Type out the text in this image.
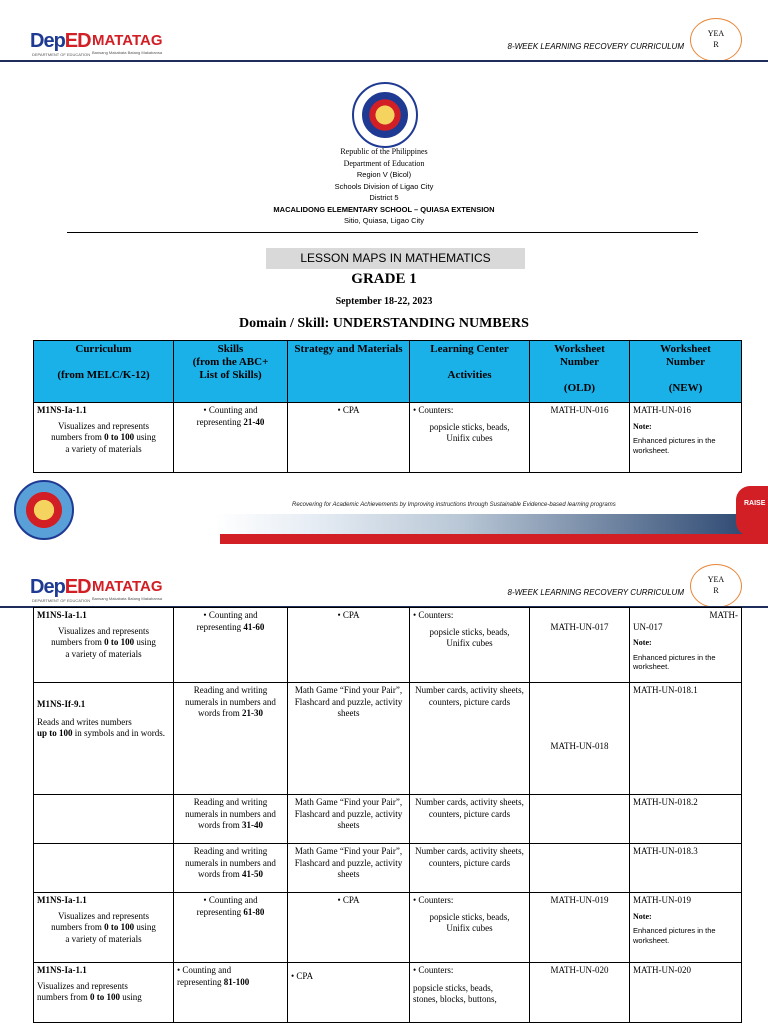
DepED
DEPARTMENT OF EDUCATION
MATATAG
Bansang Makabata Batang Makabansa
8-WEEK LEARNING RECOVERY CURRICULUM
YEA
R
Republic of the Philippines
Department of Education
Region V (Bicol)
Schools Division of Ligao City
District 5
MACALIDONG ELEMENTARY SCHOOL – QUIASA EXTENSION
Sitio, Quiasa, Ligao City
LESSON MAPS IN MATHEMATICS
GRADE 1
September 18-22, 2023
Domain / Skill: UNDERSTANDING NUMBERS
Curriculum

(from MELC/K-12)	Skills
(from the ABC+
List of Skills)	Strategy and Materials	Learning Center

Activities	Worksheet
Number

(OLD)	Worksheet
Number

(NEW)

M1NS-Ia-1.1
Visualizes and represents
numbers from 0 to 100 using
a variety of materials	• Counting and
representing 21-40	• CPA	• Counters:
popsicle sticks, beads,
Unifix cubes	MATH-UN-016	MATH-UN-016
Note:
Enhanced pictures in the worksheet.
Recovering for Academic Achievements by Improving instructions through Sustainable Evidence-based learning programs	RAISE
DepED
DEPARTMENT OF EDUCATION
MATATAG
Bansang Makabata Batang Makabansa
8-WEEK LEARNING RECOVERY CURRICULUM
YEA
R
M1NS-Ia-1.1
Visualizes and represents
numbers from 0 to 100 using
a variety of materials	• Counting and
representing 41-60	• CPA	• Counters:
popsicle sticks, beads,
Unifix cubes	MATH-UN-017	MATH-
UN-017
Note:
Enhanced pictures in the worksheet.

M1NS-If-9.1
Reads and writes numbers
up to 100 in symbols and in words.	Reading and writing numerals in numbers and words from 21-30	Math Game “Find your Pair”, Flashcard and puzzle, activity sheets	Number cards, activity sheets, counters, picture cards	MATH-UN-018	MATH-UN-018.1
	Reading and writing numerals in numbers and words from 31-40	Math Game “Find your Pair”, Flashcard and puzzle, activity sheets	Number cards, activity sheets, counters, picture cards		MATH-UN-018.2
	Reading and writing numerals in numbers and words from 41-50	Math Game “Find your Pair”, Flashcard and puzzle, activity sheets	Number cards, activity sheets, counters, picture cards		MATH-UN-018.3

M1NS-Ia-1.1
Visualizes and represents
numbers from 0 to 100 using
a variety of materials	• Counting and
representing 61-80	• CPA	• Counters:
popsicle sticks, beads,
Unifix cubes	MATH-UN-019	MATH-UN-019
Note:
Enhanced pictures in the worksheet.

M1NS-Ia-1.1
Visualizes and represents
numbers from 0 to 100 using	• Counting and
representing 81-100	• CPA	• Counters:
popsicle sticks, beads,
stones, blocks, buttons,	MATH-UN-020	MATH-UN-020
